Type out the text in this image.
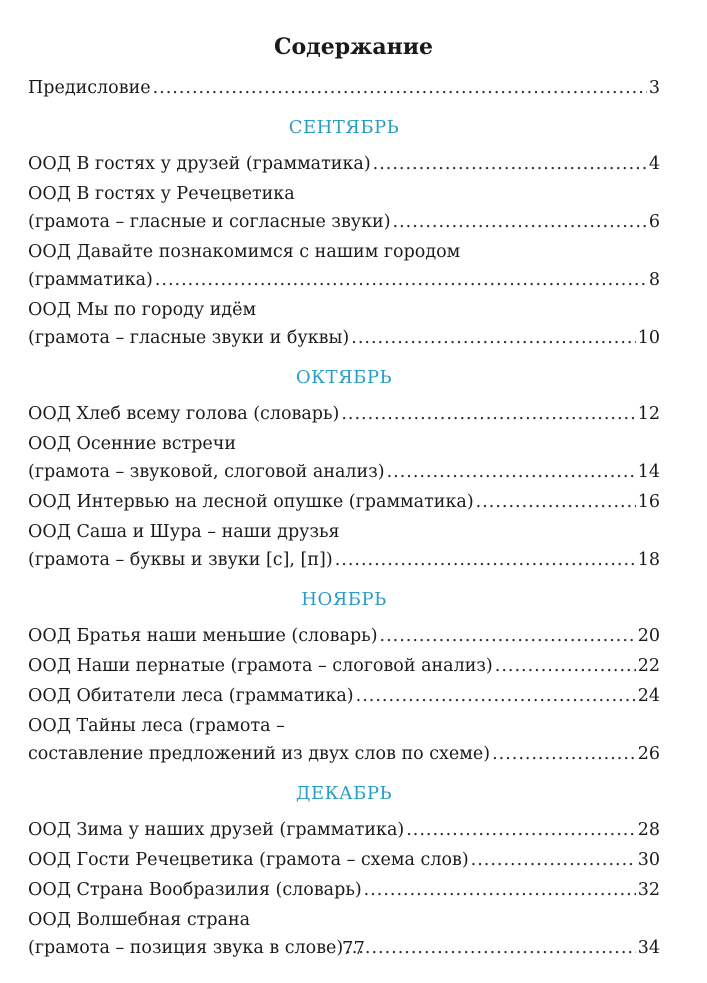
Содержание
Предисловие .....	3
СЕНТЯБРЬ
ООД В гостях у друзей (грамматика) .....	4
ООД В гостях у Речецветика
(грамота – гласные и согласные звуки) .....	6
ООД Давайте познакомимся с нашим городом
(грамматика) .....	8
ООД Мы по городу идём
(грамота – гласные звуки и буквы) .....	10
ОКТЯБРЬ
ООД Хлеб всему голова (словарь) .....	12
ООД Осенние встречи
(грамота – звуковой, слоговой анализ) .....	14
ООД Интервью на лесной опушке (грамматика) .....	16
ООД Саша и Шура – наши друзья
(грамота – буквы и звуки [с], [п]) .....	18
НОЯБРЬ
ООД Братья наши меньшие (словарь) .....	20
ООД Наши пернатые (грамота – слоговой анализ) .....	22
ООД Обитатели леса (грамматика) .....	24
ООД Тайны леса (грамота –
составление предложений из двух слов по схеме) .....	26
ДЕКАБРЬ
ООД Зима у наших друзей (грамматика) .....	28
ООД Гости Речецветика (грамота – схема слов) .....	30
ООД Страна Вообразилия (словарь) .....	32
ООД Волшебная страна
(грамота – позиция звука в слове) .....	34
77
